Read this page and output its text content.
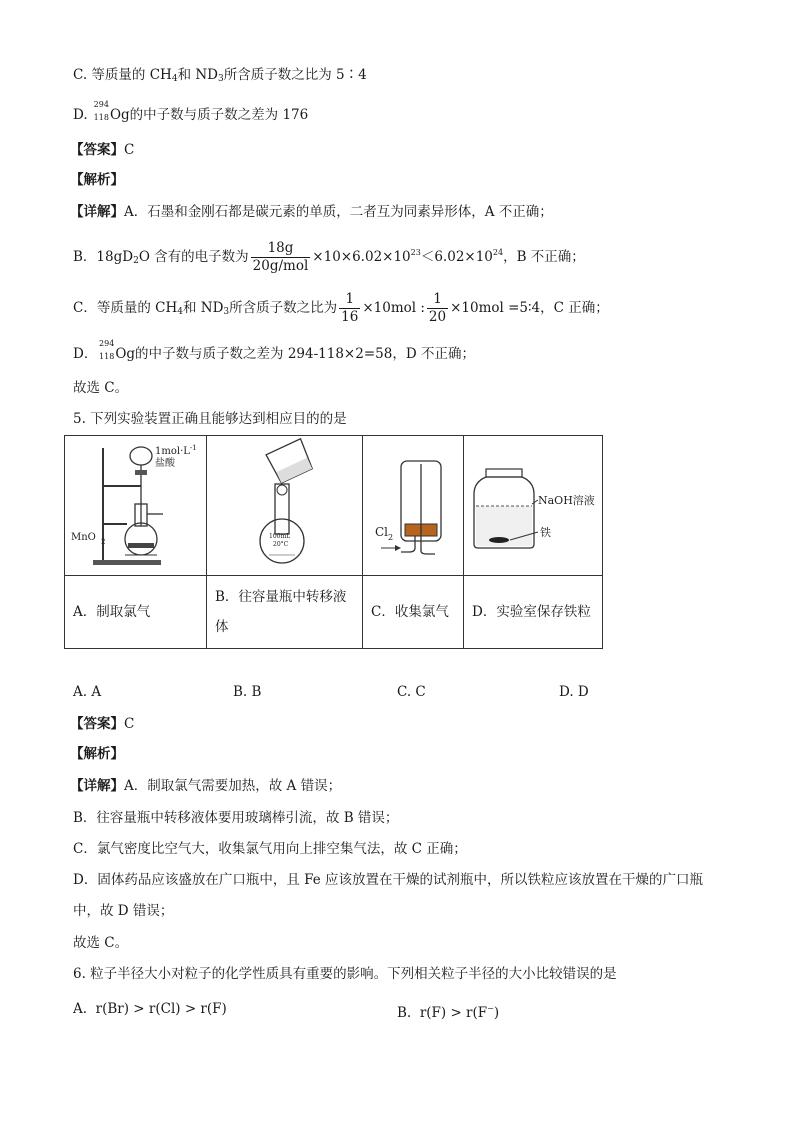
C. 等质量的 $CH_4$和 $ND_3$所含质子数之比为 5∶4
D.
294
118 Og的中子数与质子数之差为 176
【答案】C
【解析】
【详解】A．石墨和金刚石都是碳元素的单质，二者互为同素异形体，A 不正确；
B．$18gD_2O$ 含有的电子数为 $\frac{18g}{\text{20g/mol}} \times 10\times 6.02\times 10^{23}<6.02\times 10^{24}$，B 不正确；
C．等质量的 $CH_4$和 $ND_3$所含质子数之比为 $\frac{1}{16} \times 10mol$ : $\frac{1}{20} \times 10mol$ =5∶4，C 正确；
D．
294
118 Og的中子数与质子数之差为 294-118×2=58，D 不正确；
故选 C。
5. 下列实验装置正确且能够达到相应目的的是
$1mol\cdot L^{-1}$
盐酸
MnO 2	100mL
20°C	Cl 2	NaOH溶液
铁

A．制取氯气	B．往容量瓶中转移液体	C．收集氯气	D．实验室保存铁粒
A. A	B. B	C. C	D. D
【答案】C
【解析】
【详解】A．制取氯气需要加热，故 A 错误；
B．往容量瓶中转移液体要用玻璃棒引流，故 B 错误；
C．氯气密度比空气大，收集氯气用向上排空集气法，故 C 正确；
D．固体药品应该盛放在广口瓶中，且 Fe 应该放置在干燥的试剂瓶中，所以铁粒应该放置在干燥的广口瓶
中，故 D 错误；
故选 C。
6. 粒子半径大小对粒子的化学性质具有重要的影响。下列相关粒子半径的大小比较错误的是
A. r(Br) > r(Cl) > r(F)	B. r(F) > r(F−)
